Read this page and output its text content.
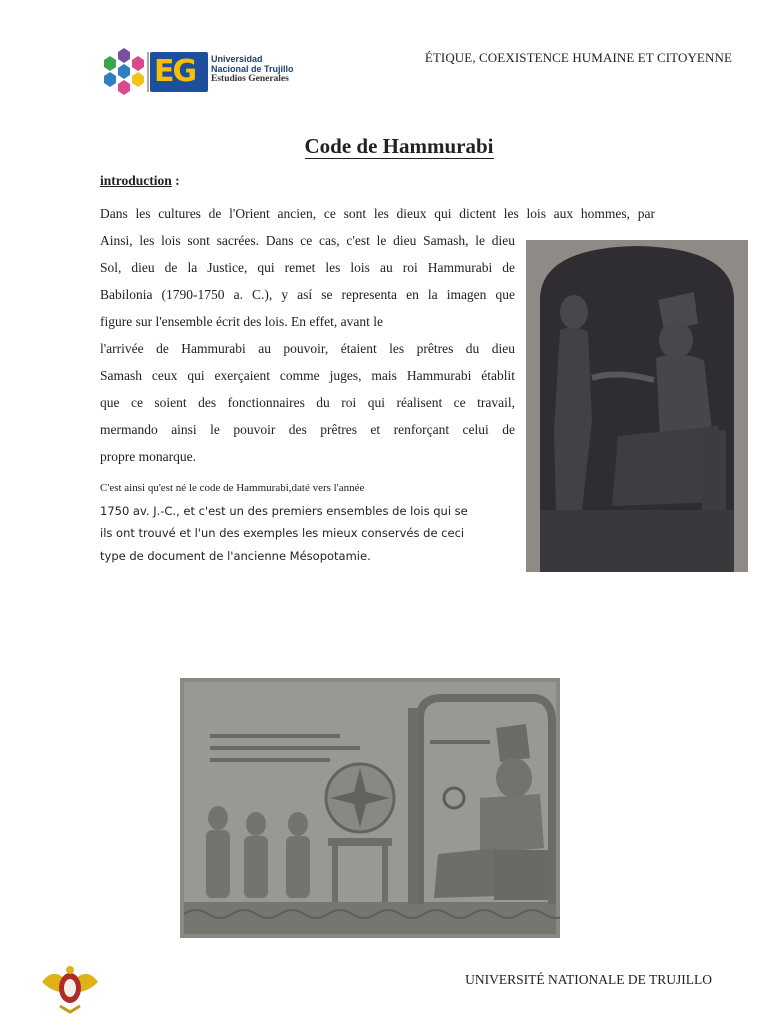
EG Universidad
Nacional de Trujillo
Estudios Generales
ÉTIQUE, COEXISTENCE HUMAINE ET CITOYENNE
Code de Hammurabi
introduction :
Dans les cultures de l'Orient ancien, ce sont les dieux qui dictent les lois aux hommes, par
Ainsi, les lois sont sacrées. Dans ce cas, c'est le dieu Samash, le dieu
Sol, dieu de la Justice, qui remet les lois au roi Hammurabi de
Babilonia (1790-1750 a. C.), y así se representa en la imagen que
figure sur l'ensemble écrit des lois. En effet, avant le
l'arrivée de Hammurabi au pouvoir, étaient les prêtres du dieu
Samash ceux qui exerçaient comme juges, mais Hammurabi établit
que ce soient des fonctionnaires du roi qui réalisent ce travail,
mermando ainsi le pouvoir des prêtres et renforçant celui de
propre monarque.
C'est ainsi qu'est né le code de Hammurabi,daté vers l'année
1750 av. J.-C., et c'est un des premiers ensembles de lois qui se
ils ont trouvé et l'un des exemples les mieux conservés de ceci
type de document de l'ancienne Mésopotamie.
UNIVERSITÉ NATIONALE DE TRUJILLO
